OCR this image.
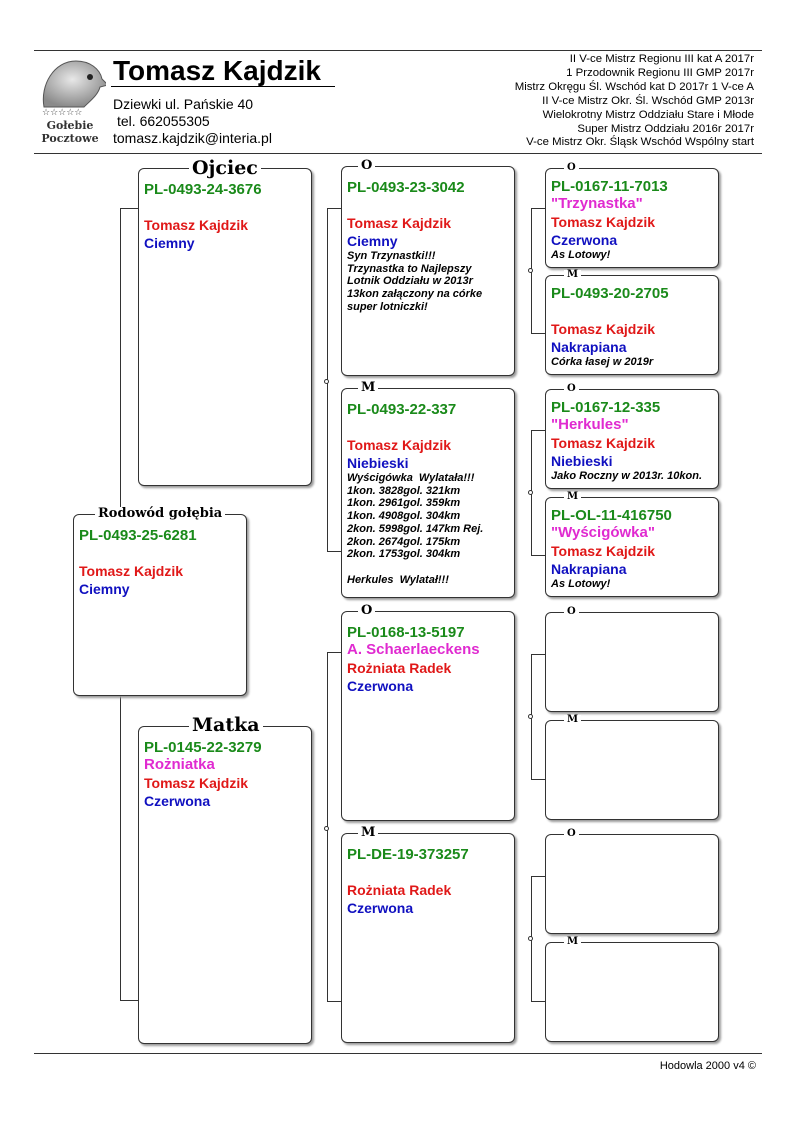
☆☆☆☆☆
Gołebie
Pocztowe
Tomasz Kajdzik
Dziewki ul. Pańskie 40
tel. 662055305
tomasz.kajdzik@interia.pl
II V-ce Mistrz Regionu III kat A 2017r
1 Przodownik Regionu III GMP 2017r
Mistrz Okręgu Śl. Wschód kat D 2017r 1 V-ce A
II V-ce Mistrz Okr. Śl. Wschód GMP 2013r
Wielokrotny Mistrz Oddziału Stare i Młode
Super Mistrz Oddziału 2016r 2017r
V-ce Mistrz Okr. Śląsk Wschód Wspólny start
PL-0493-25-6281
Tomasz Kajdzik
Ciemny
Rodowód gołębia
PL-0493-24-3676
Tomasz Kajdzik
Ciemny
Ojciec
PL-0145-22-3279
Rożniatka
Tomasz Kajdzik
Czerwona
Matka
PL-0493-23-3042
Tomasz Kajdzik
Ciemny
Syn Trzynastki!!!
Trzynastka to Najlepszy
Lotnik Oddziału w 2013r
13kon załączony na córke
super lotniczki!
O
PL-0493-22-337
Tomasz Kajdzik
Niebieski
Wyścigówka  Wylatała!!!
1kon. 3828gol. 321km
1kon. 2961gol. 359km
1kon. 4908gol. 304km
2kon. 5998gol. 147km Rej.
2kon. 2674gol. 175km
2kon. 1753gol. 304km

Herkules  Wylatał!!!
M
PL-0168-13-5197
A. Schaerlaeckens
Rożniata Radek
Czerwona
O
PL-DE-19-373257
Rożniata Radek
Czerwona
M
PL-0167-11-7013
"Trzynastka"
Tomasz Kajdzik
Czerwona
As Lotowy!
O
PL-0493-20-2705
Tomasz Kajdzik
Nakrapiana
Córka łasej w 2019r
M
PL-0167-12-335
"Herkules"
Tomasz Kajdzik
Niebieski
Jako Roczny w 2013r. 10kon.
O
PL-OL-11-416750
"Wyścigówka"
Tomasz Kajdzik
Nakrapiana
As Lotowy!
M
O
M
O
M
Hodowla 2000 v4 ©
